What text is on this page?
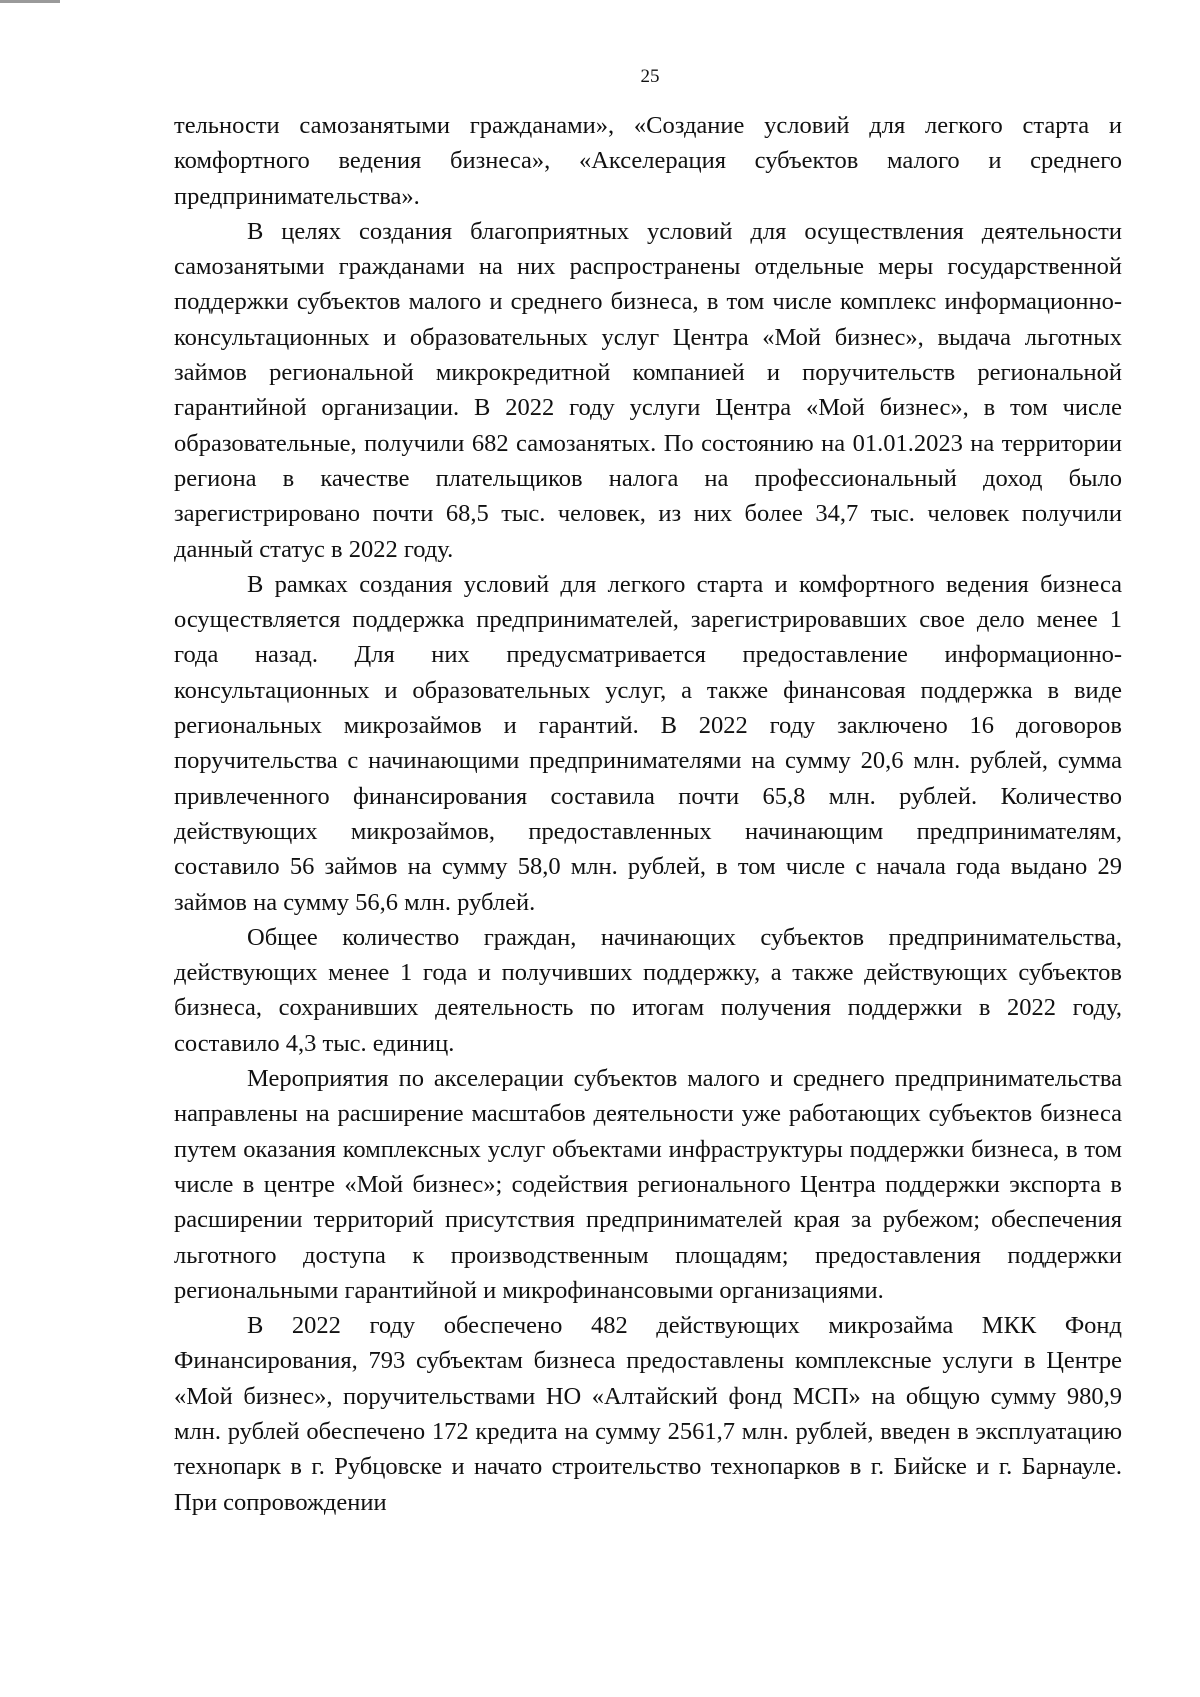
25

тельности самозанятыми гражданами», «Создание условий для легкого старта и комфортного ведения бизнеса», «Акселерация субъектов малого и среднего предпринимательства».

В целях создания благоприятных условий для осуществления деятельности самозанятыми гражданами на них распространены отдельные меры государственной поддержки субъектов малого и среднего бизнеса, в том числе комплекс информационно-консультационных и образовательных услуг Центра «Мой бизнес», выдача льготных займов региональной микрокредитной компанией и поручительств региональной гарантийной организации. В 2022 году услуги Центра «Мой бизнес», в том числе образовательные, получили 682 самозанятых. По состоянию на 01.01.2023 на территории региона в качестве плательщиков налога на профессиональный доход было зарегистрировано почти 68,5 тыс. человек, из них более 34,7 тыс. человек получили данный статус в 2022 году.

В рамках создания условий для легкого старта и комфортного ведения бизнеса осуществляется поддержка предпринимателей, зарегистрировавших свое дело менее 1 года назад. Для них предусматривается предоставление информационно-консультационных и образовательных услуг, а также финансовая поддержка в виде региональных микрозаймов и гарантий. В 2022 году заключено 16 договоров поручительства с начинающими предпринимателями на сумму 20,6 млн. рублей, сумма привлеченного финансирования составила почти 65,8 млн. рублей. Количество действующих микрозаймов, предоставленных начинающим предпринимателям, составило 56 займов на сумму 58,0 млн. рублей, в том числе с начала года выдано 29 займов на сумму 56,6 млн. рублей.

Общее количество граждан, начинающих субъектов предпринимательства, действующих менее 1 года и получивших поддержку, а также действующих субъектов бизнеса, сохранивших деятельность по итогам получения поддержки в 2022 году, составило 4,3 тыс. единиц.

Мероприятия по акселерации субъектов малого и среднего предпринимательства направлены на расширение масштабов деятельности уже работающих субъектов бизнеса путем оказания комплексных услуг объектами инфраструктуры поддержки бизнеса, в том числе в центре «Мой бизнес»; содействия регионального Центра поддержки экспорта в расширении территорий присутствия предпринимателей края за рубежом; обеспечения льготного доступа к производственным площадям; предоставления поддержки региональными гарантийной и микрофинансовыми организациями.

В 2022 году обеспечено 482 действующих микрозайма МКК Фонд Финансирования, 793 субъектам бизнеса предоставлены комплексные услуги в Центре «Мой бизнес», поручительствами НО «Алтайский фонд МСП» на общую сумму 980,9 млн. рублей обеспечено 172 кредита на сумму 2561,7 млн. рублей, введен в эксплуатацию технопарк в г. Рубцовске и начато строительство технопарков в г. Бийске и г. Барнауле. При сопровождении
